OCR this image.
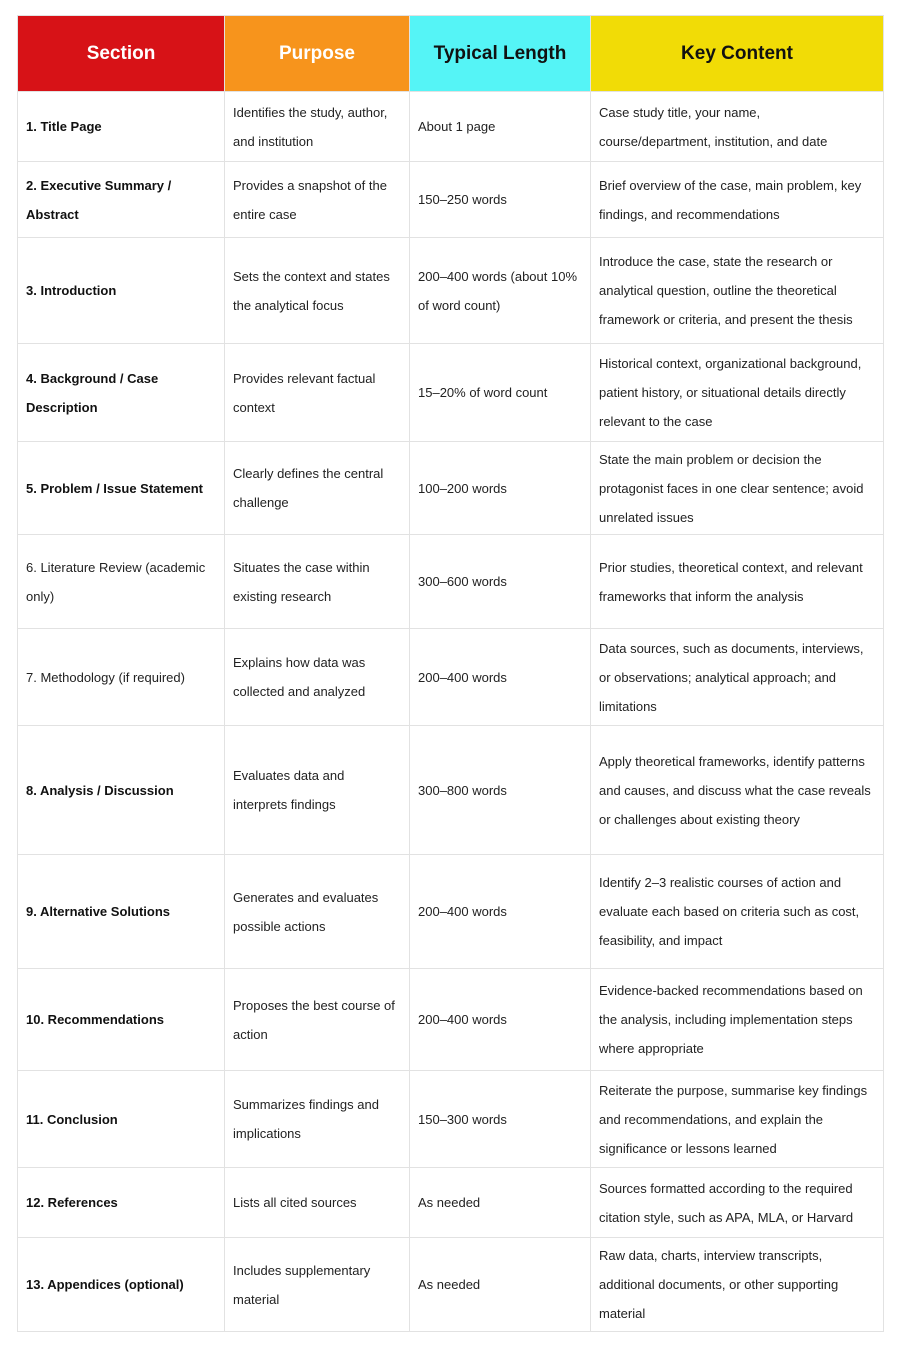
Section	Purpose	Typical Length	Key Content
1. Title Page	Identifies the study, author, and institution	About 1 page	Case study title, your name, course/department, institution, and date
2. Executive Summary / Abstract	Provides a snapshot of the entire case	150–250 words	Brief overview of the case, main problem, key findings, and recommendations
3. Introduction	Sets the context and states the analytical focus	200–400 words (about 10% of word count)	Introduce the case, state the research or analytical question, outline the theoretical framework or criteria, and present the thesis
4. Background / Case Description	Provides relevant factual context	15–20% of word count	Historical context, organizational background, patient history, or situational details directly relevant to the case
5. Problem / Issue Statement	Clearly defines the central challenge	100–200 words	State the main problem or decision the protagonist faces in one clear sentence; avoid unrelated issues
6. Literature Review (academic only)	Situates the case within existing research	300–600 words	Prior studies, theoretical context, and relevant frameworks that inform the analysis
7. Methodology (if required)	Explains how data was collected and analyzed	200–400 words	Data sources, such as documents, interviews, or observations; analytical approach; and limitations
8. Analysis / Discussion	Evaluates data and interprets findings	300–800 words	Apply theoretical frameworks, identify patterns and causes, and discuss what the case reveals or challenges about existing theory
9. Alternative Solutions	Generates and evaluates possible actions	200–400 words	Identify 2–3 realistic courses of action and evaluate each based on criteria such as cost, feasibility, and impact
10. Recommendations	Proposes the best course of action	200–400 words	Evidence-backed recommendations based on the analysis, including implementation steps where appropriate
11. Conclusion	Summarizes findings and implications	150–300 words	Reiterate the purpose, summarise key findings and recommendations, and explain the significance or lessons learned
12. References	Lists all cited sources	As needed	Sources formatted according to the required citation style, such as APA, MLA, or Harvard
13. Appendices (optional)	Includes supplementary material	As needed	Raw data, charts, interview transcripts, additional documents, or other supporting material
